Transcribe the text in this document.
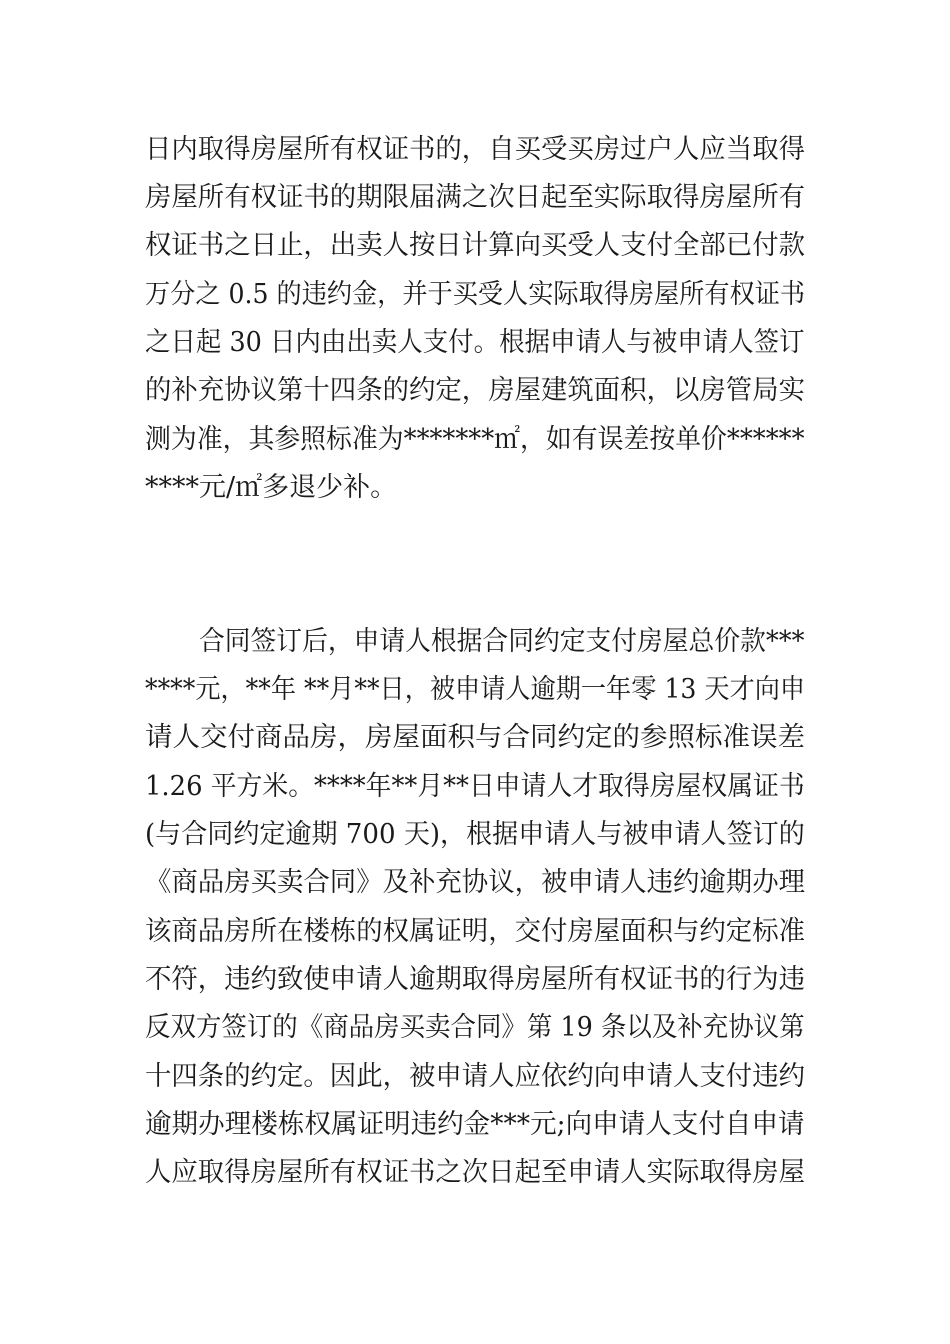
日内取得房屋所有权证书的，自买受买房过户人应当取得
房屋所有权证书的期限届满之次日起至实际取得房屋所有
权证书之日止，出卖人按日计算向买受人支付全部已付款
万分之 0.5 的违约金，并于买受人实际取得房屋所有权证书
之日起 30 日内由出卖人支付。根据申请人与被申请人签订
的补充协议第十四条的约定，房屋建筑面积，以房管局实
测为准，其参照标准为*******㎡，如有误差按单价******
****元/㎡多退少补。
合同签订后，申请人根据合同约定支付房屋总价款***
****元，**年 **月**日，被申请人逾期一年零 13 天才向申
请人交付商品房，房屋面积与合同约定的参照标准误差
1.26 平方米。****年**月**日申请人才取得房屋权属证书
(与合同约定逾期 700 天)，根据申请人与被申请人签订的
《商品房买卖合同》及补充协议，被申请人违约逾期办理
该商品房所在楼栋的权属证明，交付房屋面积与约定标准
不符，违约致使申请人逾期取得房屋所有权证书的行为违
反双方签订的《商品房买卖合同》第 19 条以及补充协议第
十四条的约定。因此，被申请人应依约向申请人支付违约
逾期办理楼栋权属证明违约金***元;向申请人支付自申请
人应取得房屋所有权证书之次日起至申请人实际取得房屋
